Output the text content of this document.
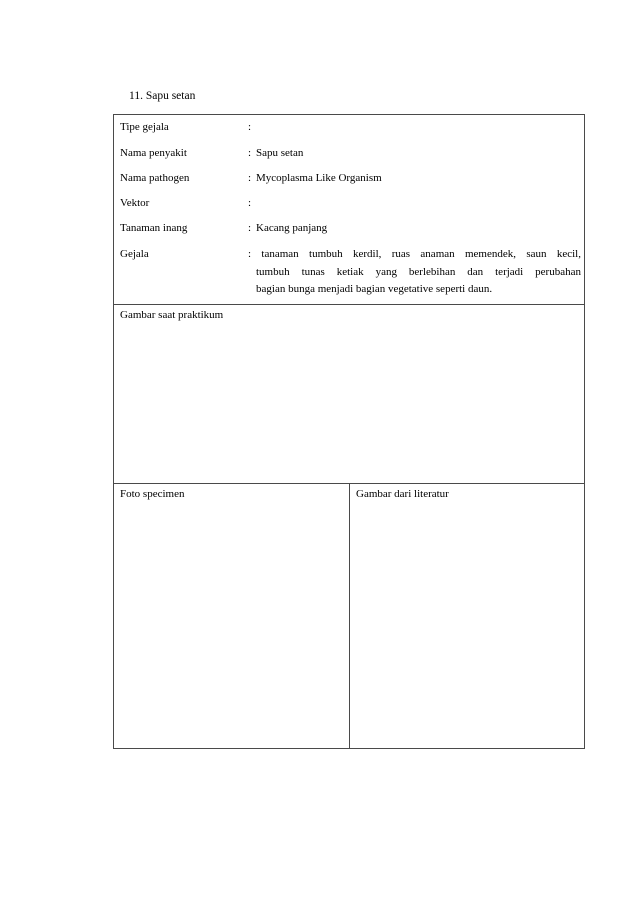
11. Sapu setan
Tipe gejala	:
Nama penyakit	: Sapu setan
Nama pathogen	: Mycoplasma Like Organism
Vektor	:
Tanaman inang	: Kacang panjang
Gejala	: tanaman tumbuh kerdil, ruas anaman memendek, saun kecil,
tumbuh tunas ketiak yang berlebihan dan terjadi perubahan
bagian bunga menjadi bagian vegetative seperti daun.
Gambar saat praktikum
Foto specimen	Gambar dari literatur
